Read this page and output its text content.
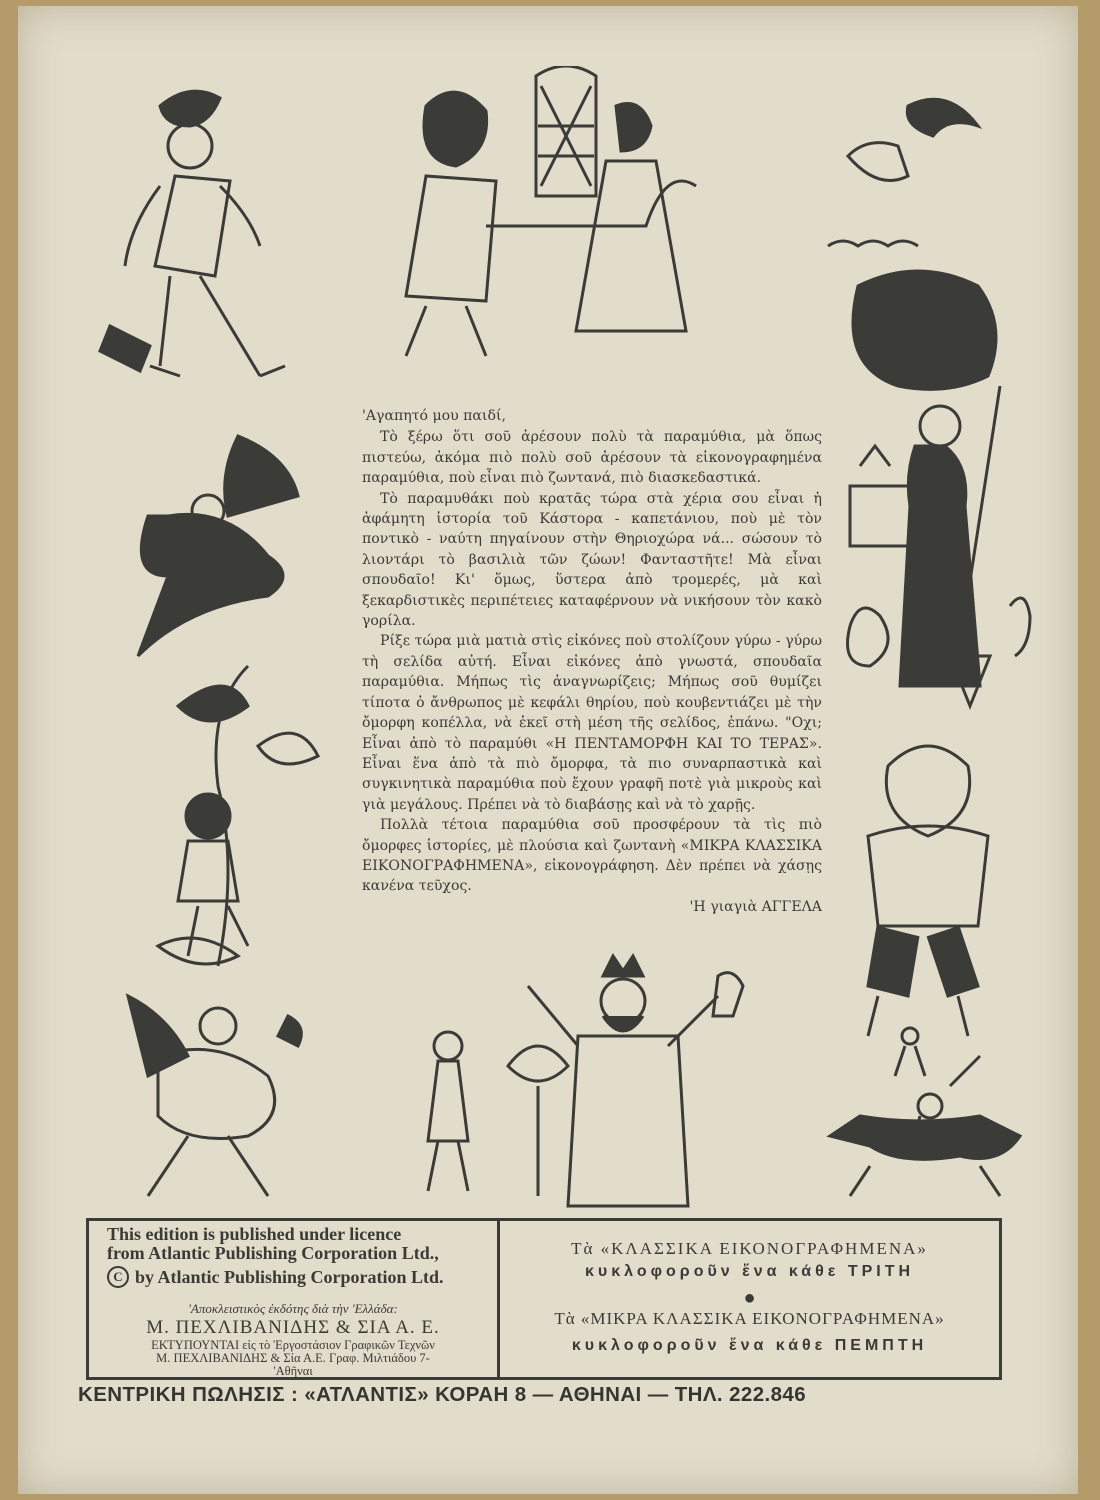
'Αγαπητό μου παιδί,

Τὸ ξέρω ὅτι σοῦ ἀρέσουν πολὺ τὰ παραμύθια, μὰ ὅπως πιστεύω, ἀκόμα πιὸ πολὺ σοῦ ἀρέσουν τὰ εἰκονογραφημένα παραμύθια, ποὺ εἶναι πιὸ ζωντανά, πιὸ διασκεδαστικά.

Τὸ παραμυθάκι ποὺ κρατᾶς τώρα στὰ χέρια σου εἶναι ἡ ἀφάμητη ἱστορία τοῦ Κάστορα - καπετάνιου, ποὺ μὲ τὸν ποντικὸ - ναύτη πηγαίνουν στὴν Θηριοχώρα νά... σώσουν τὸ λιοντάρι τὸ βασιλιὰ τῶν ζώων! Φανταστῆτε! Μὰ εἶναι σπουδαῖο! Κι' ὅμως, ὕστερα ἀπὸ τρομερές, μὰ καὶ ξεκαρδιστικὲς περιπέτειες καταφέρνουν νὰ νικήσουν τὸν κακὸ γορίλα.

Ρίξε τώρα μιὰ ματιὰ στὶς εἰκόνες ποὺ στολίζουν γύρω - γύρω τὴ σελίδα αὐτή. Εἶναι εἰκόνες ἀπὸ γνωστά, σπουδαῖα παραμύθια. Μήπως τὶς ἀναγνωρίζεις; Μήπως σοῦ θυμίζει τίποτα ὁ ἄνθρωπος μὲ κεφάλι θηρίου, ποὺ κουβεντιάζει μὲ τὴν ὄμορφη κοπέλλα, νὰ ἐκεῖ στὴ μέση τῆς σελίδος, ἐπάνω. "Οχι; Εἶναι ἀπὸ τὸ παραμύθι «Η ΠΕΝΤΑΜΟΡΦΗ ΚΑΙ ΤΟ ΤΕΡΑΣ». Εἶναι ἕνα ἀπὸ τὰ πιὸ ὄμορφα, τὰ πιο συναρπαστικὰ καὶ συγκινητικὰ παραμύθια ποὺ ἔχουν γραφῆ ποτὲ γιὰ μικροὺς καὶ γιὰ μεγάλους. Πρέπει νὰ τὸ διαβάσῃς καὶ νὰ τὸ χαρῇς.

Πολλὰ τέτοια παραμύθια σοῦ προσφέρουν τὰ τὶς πιὸ ὄμορφες ἱστορίες, μὲ πλούσια καὶ ζωντανὴ «ΜΙΚΡΑ ΚΛΑΣΣΙΚΑ ΕΙΚΟΝΟΓΡΑΦΗΜΕΝΑ», εἰκονογράφηση. Δὲν πρέπει νὰ χάσῃς κανένα τεῦχος.

'Η γιαγιὰ ΑΓΓΕΛΑ

This edition is published under licence
from Atlantic Publishing Corporation Ltd.,
C by Atlantic Publishing Corporation Ltd.
'Αποκλειστικὸς ἐκδότης διὰ τὴν 'Ελλάδα:
Μ. ΠΕΧΛΙΒΑΝΙΔΗΣ & ΣΙΑ Α. Ε.
ΕΚΤΥΠΟΥΝΤΑΙ εἰς τὸ Ἐργοστάσιον Γραφικῶν Τεχνῶν
Μ. ΠΕΧΛΙΒΑΝΙΔΗΣ & Σία Α.Ε. Γραφ. Μιλτιάδου 7-
'Αθῆναι
Τὰ «ΚΛΑΣΣΙΚΑ ΕΙΚΟΝΟΓΡΑΦΗΜΕΝΑ»
κυκλοφοροῦν ἕνα κάθε ΤΡΙΤΗ
●
Τὰ «ΜΙΚΡΑ ΚΛΑΣΣΙΚΑ ΕΙΚΟΝΟΓΡΑΦΗΜΕΝΑ»
κυκλοφοροῦν ἕνα κάθε ΠΕΜΠΤΗ
ΚΕΝΤΡΙΚΗ ΠΩΛΗΣΙΣ : «ΑΤΛΑΝΤΙΣ» ΚΟΡΑΗ 8 — ΑΘΗΝΑΙ — ΤΗΛ. 222.846
